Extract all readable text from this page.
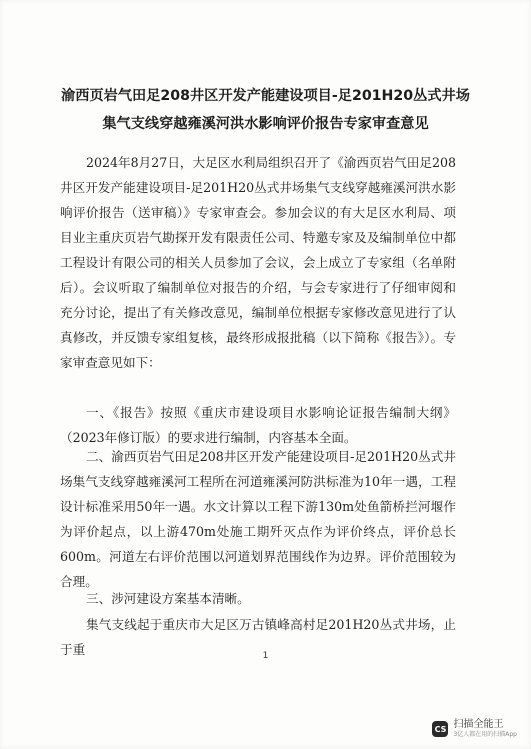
渝西页岩气田足208井区开发产能建设项目-足201H20丛式井场
集气支线穿越雍溪河洪水影响评价报告专家审查意见

2024年8月27日，大足区水利局组织召开了《渝西页岩气田足208井区开发产能建设项目-足201H20丛式井场集气支线穿越雍溪河洪水影响评价报告（送审稿）》专家审查会。参加会议的有大足区水利局、项目业主重庆页岩气勘探开发有限责任公司、特邀专家及及编制单位中都工程设计有限公司的相关人员参加了会议，会上成立了专家组（名单附后）。会议听取了编制单位对报告的介绍，与会专家进行了仔细审阅和充分讨论，提出了有关修改意见，编制单位根据专家修改意见进行了认真修改，并反馈专家组复核，最终形成报批稿（以下简称《报告》）。专家审查意见如下：

一、《报告》按照《重庆市建设项目水影响论证报告编制大纲》（2023年修订版）的要求进行编制，内容基本全面。

二、渝西页岩气田足208井区开发产能建设项目-足201H20丛式井场集气支线穿越雍溪河工程所在河道雍溪河防洪标准为10年一遇，工程设计标准采用50年一遇。水文计算以工程下游130m处鱼箭桥拦河堰作为评价起点，以上游470m处施工期歼灭点作为评价终点，评价总长600m。河道左右评价范围以河道划界范围线作为边界。评价范围较为合理。

三、涉河建设方案基本清晰。

集气支线起于重庆市大足区万古镇峰高村足201H20丛式井场，止于重	1
CS 扫描全能王
3亿人都在用的扫描App
